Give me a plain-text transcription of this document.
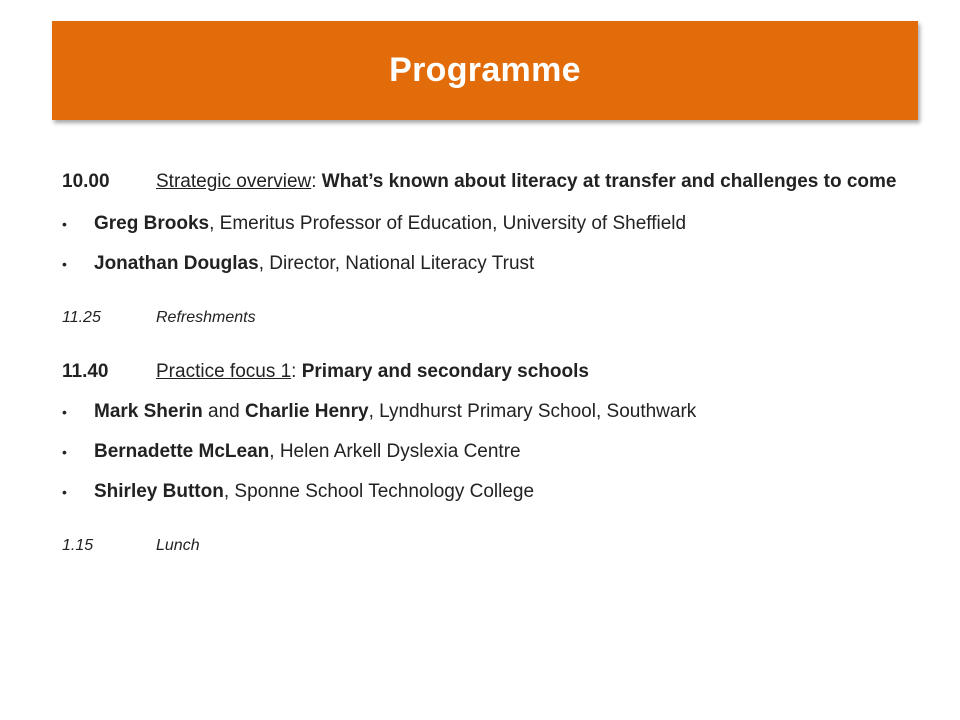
Programme
10.00	Strategic overview: What’s known about literacy at transfer and challenges to come
•	Greg Brooks, Emeritus Professor of Education, University of Sheffield
•	Jonathan Douglas, Director, National Literacy Trust
11.25	Refreshments
11.40	Practice focus 1: Primary and secondary schools
•	Mark Sherin and Charlie Henry, Lyndhurst Primary School, Southwark
•	Bernadette McLean, Helen Arkell Dyslexia Centre
•	Shirley Button, Sponne School Technology College
1.15	Lunch
